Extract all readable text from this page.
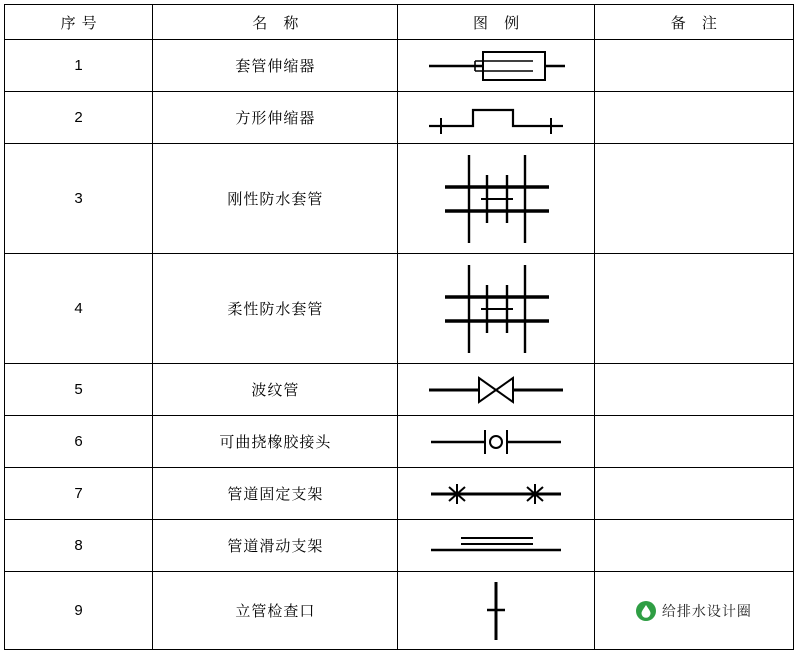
序号	名 称	图 例	备 注
1	套管伸缩器	

2	方形伸缩器	

3	刚性防水套管	

4	柔性防水套管	

5	波纹管	

6	可曲挠橡胶接头	

7	管道固定支架	

8	管道滑动支架	

9	立管检查口		给排水设计圈
